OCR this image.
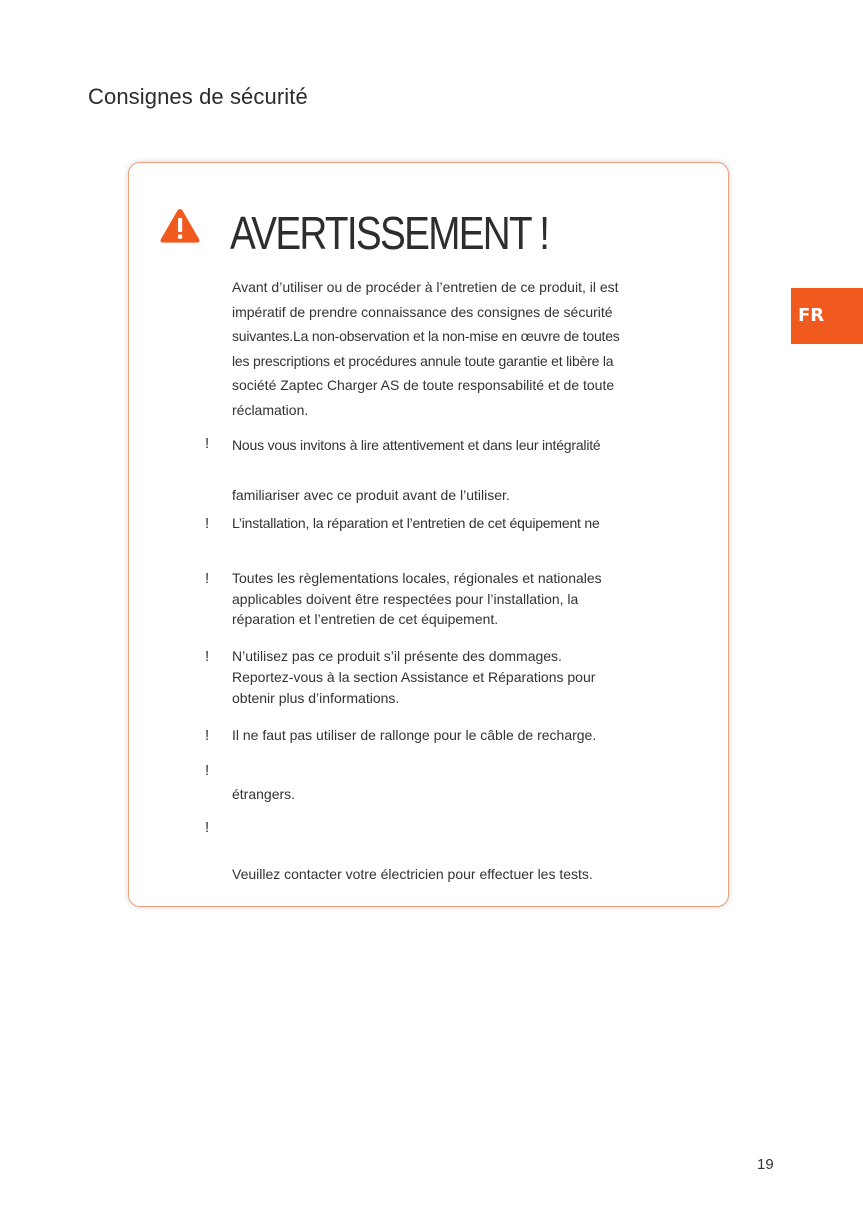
Consignes de sécurité
FR
AVERTISSEMENT !
Avant d’utiliser ou de procéder à l’entretien de ce produit, il est
impératif de prendre connaissance des consignes de sécurité
suivantes.La non-observation et la non-mise en œuvre de toutes
les prescriptions et procédures annule toute garantie et libère la
société Zaptec Charger AS de toute responsabilité et de toute
réclamation.
! Nous vous invitons à lire attentivement et dans leur intégralité
familiariser avec ce produit avant de l’utiliser.
! L’installation, la réparation et l’entretien de cet équipement ne
! Toutes les règlementations locales, régionales et nationales
applicables doivent être respectées pour l’installation, la
réparation et l’entretien de cet équipement.
! N’utilisez pas ce produit s’il présente des dommages.
Reportez-vous à la section Assistance et Réparations pour
obtenir plus d’informations.
! Il ne faut pas utiliser de rallonge pour le câble de recharge.
!
étrangers.
!
Veuillez contacter votre électricien pour effectuer les tests.
19
